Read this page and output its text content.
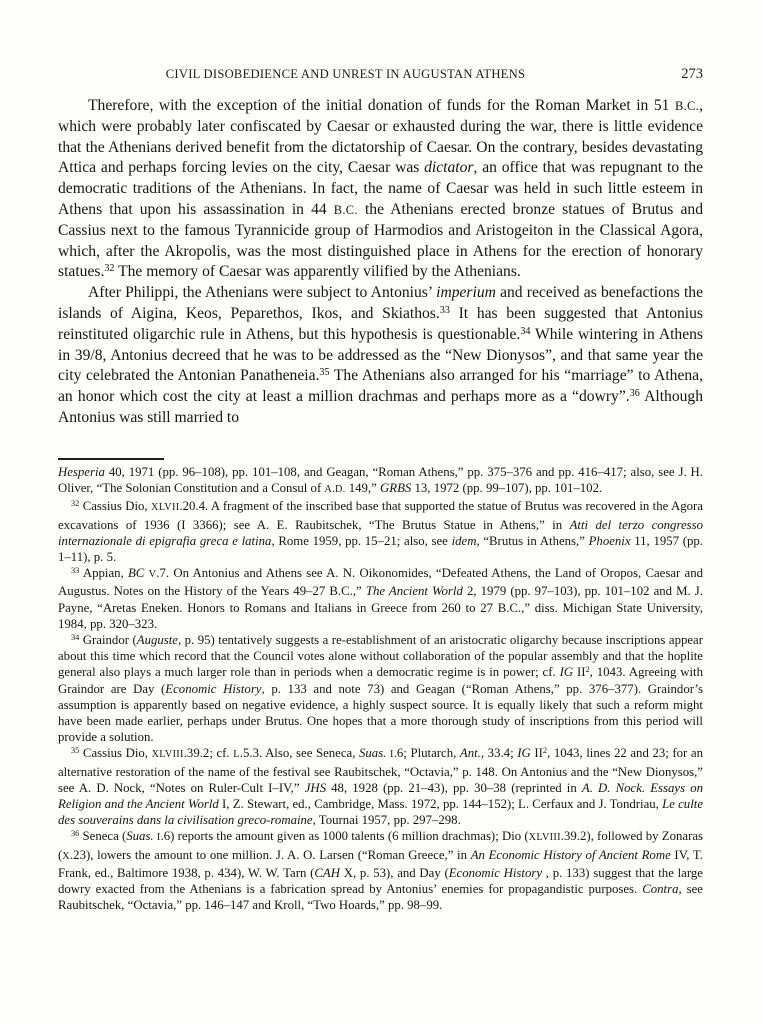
CIVIL DISOBEDIENCE AND UNREST IN AUGUSTAN ATHENS	273

Therefore, with the exception of the initial donation of funds for the Roman Market in 51 B.C., which were probably later confiscated by Caesar or exhausted during the war, there is little evidence that the Athenians derived benefit from the dictatorship of Caesar. On the contrary, besides devastating Attica and perhaps forcing levies on the city, Caesar was dictator, an office that was repugnant to the democratic traditions of the Athenians. In fact, the name of Caesar was held in such little esteem in Athens that upon his assassination in 44 B.C. the Athenians erected bronze statues of Brutus and Cassius next to the famous Tyrannicide group of Harmodios and Aristogeiton in the Classical Agora, which, after the Akropolis, was the most distinguished place in Athens for the erection of honorary statues.$^{32}$ The memory of Caesar was apparently vilified by the Athenians.

After Philippi, the Athenians were subject to Antonius’ imperium and received as benefactions the islands of Aigina, Keos, Peparethos, Ikos, and Skiathos.$^{33}$ It has been suggested that Antonius reinstituted oligarchic rule in Athens, but this hypothesis is questionable.$^{34}$ While wintering in Athens in 39/8, Antonius decreed that he was to be addressed as the “New Dionysos”, and that same year the city celebrated the Antonian Panatheneia.$^{35}$ The Athenians also arranged for his “marriage” to Athena, an honor which cost the city at least a million drachmas and perhaps more as a “dowry”.$^{36}$ Although Antonius was still married to

Hesperia 40, 1971 (pp. 96–108), pp. 101–108, and Geagan, “Roman Athens,” pp. 375–376 and pp. 416–417; also, see J. H. Oliver, “The Solonian Constitution and a Consul of A.D. 149,” GRBS 13, 1972 (pp. 99–107), pp. 101–102.

$^{32}$ Cassius Dio, XLVII.20.4. A fragment of the inscribed base that supported the statue of Brutus was recovered in the Agora excavations of 1936 (I 3366); see A. E. Raubitschek, “The Brutus Statue in Athens,” in Atti del terzo congresso internazionale di epigrafia greca e latina, Rome 1959, pp. 15–21; also, see idem, “Brutus in Athens,” Phoenix 11, 1957 (pp. 1–11), p. 5.

$^{33}$ Appian, BC V.7. On Antonius and Athens see A. N. Oikonomides, “Defeated Athens, the Land of Oropos, Caesar and Augustus. Notes on the History of the Years 49–27 B.C.,” The Ancient World 2, 1979 (pp. 97–103), pp. 101–102 and M. J. Payne, “Aretas Eneken. Honors to Romans and Italians in Greece from 260 to 27 B.C.,” diss. Michigan State University, 1984, pp. 320–323.

$^{34}$ Graindor (Auguste, p. 95) tentatively suggests a re-establishment of an aristocratic oligarchy because inscriptions appear about this time which record that the Council votes alone without collaboration of the popular assembly and that the hoplite general also plays a much larger role than in periods when a democratic regime is in power; cf. IG $II^2$, 1043. Agreeing with Graindor are Day (Economic History, p. 133 and note 73) and Geagan (“Roman Athens,” pp. 376–377). Graindor’s assumption is apparently based on negative evidence, a highly suspect source. It is equally likely that such a reform might have been made earlier, perhaps under Brutus. One hopes that a more thorough study of inscriptions from this period will provide a solution.

$^{35}$ Cassius Dio, XLVIII.39.2; cf. L.5.3. Also, see Seneca, Suas. I.6; Plutarch, Ant., 33.4; IG $II^2$, 1043, lines 22 and 23; for an alternative restoration of the name of the festival see Raubitschek, “Octavia,” p. 148. On Antonius and the “New Dionysos,” see A. D. Nock, “Notes on Ruler-Cult I–IV,” JHS 48, 1928 (pp. 21–43), pp. 30–38 (reprinted in A. D. Nock. Essays on Religion and the Ancient World I, Z. Stewart, ed., Cambridge, Mass. 1972, pp. 144–152); L. Cerfaux and J. Tondriau, Le culte des souverains dans la civilisation greco-romaine, Tournai 1957, pp. 297–298.

$^{36}$ Seneca (Suas. I.6) reports the amount given as 1000 talents (6 million drachmas); Dio (XLVIII.39.2), followed by Zonaras (X.23), lowers the amount to one million. J. A. O. Larsen (“Roman Greece,” in An Economic History of Ancient Rome IV, T. Frank, ed., Baltimore 1938, p. 434), W. W. Tarn (CAH X, p. 53), and Day (Economic History , p. 133) suggest that the large dowry exacted from the Athenians is a fabrication spread by Antonius’ enemies for propagandistic purposes. Contra, see Raubitschek, “Octavia,” pp. 146–147 and Kroll, “Two Hoards,” pp. 98–99.
